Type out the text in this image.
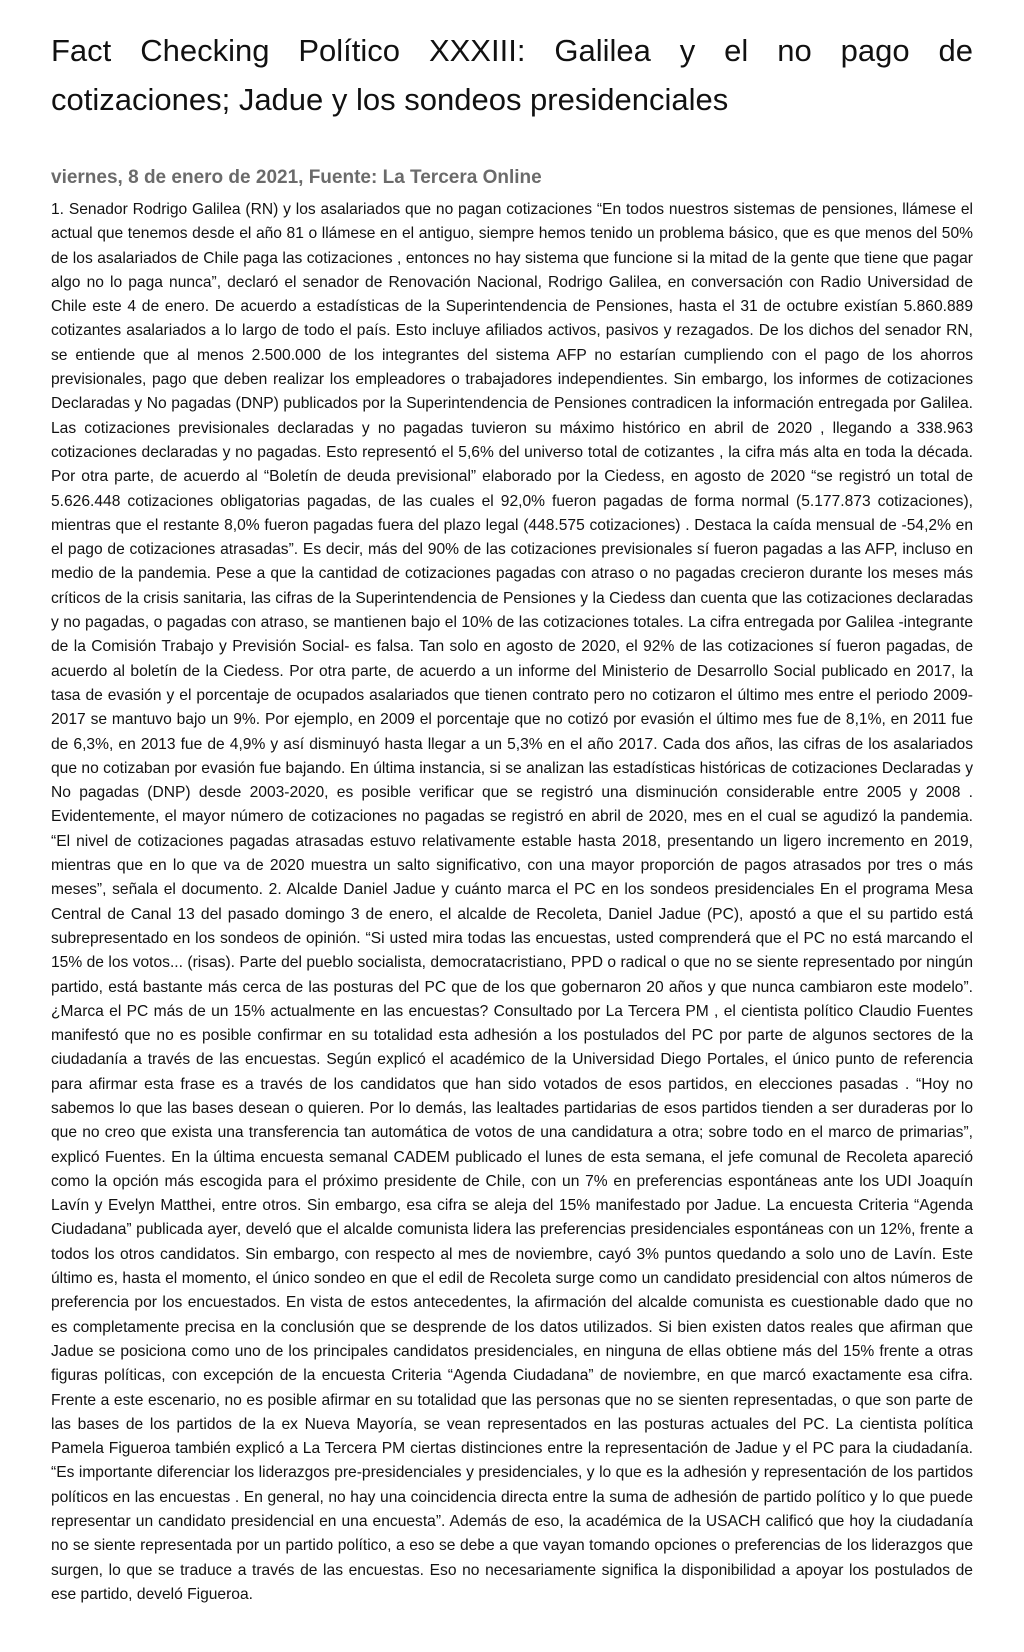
Fact Checking Político XXXIII: Galilea y el no pago de cotizaciones; Jadue y los sondeos presidenciales
viernes, 8 de enero de 2021, Fuente: La Tercera Online

1. Senador Rodrigo Galilea (RN) y los asalariados que no pagan cotizaciones “En todos nuestros sistemas de pensiones, llámese el actual que tenemos desde el año 81 o llámese en el antiguo, siempre hemos tenido un problema básico, que es que menos del 50% de los asalariados de Chile paga las cotizaciones , entonces no hay sistema que funcione si la mitad de la gente que tiene que pagar algo no lo paga nunca”, declaró el senador de Renovación Nacional, Rodrigo Galilea, en conversación con Radio Universidad de Chile este 4 de enero. De acuerdo a estadísticas de la Superintendencia de Pensiones, hasta el 31 de octubre existían 5.860.889 cotizantes asalariados a lo largo de todo el país. Esto incluye afiliados activos, pasivos y rezagados. De los dichos del senador RN, se entiende que al menos 2.500.000 de los integrantes del sistema AFP no estarían cumpliendo con el pago de los ahorros previsionales, pago que deben realizar los empleadores o trabajadores independientes. Sin embargo, los informes de cotizaciones Declaradas y No pagadas (DNP) publicados por la Superintendencia de Pensiones contradicen la información entregada por Galilea. Las cotizaciones previsionales declaradas y no pagadas tuvieron su máximo histórico en abril de 2020 , llegando a 338.963 cotizaciones declaradas y no pagadas. Esto representó el 5,6% del universo total de cotizantes , la cifra más alta en toda la década. Por otra parte, de acuerdo al “Boletín de deuda previsional” elaborado por la Ciedess, en agosto de 2020 “se registró un total de 5.626.448 cotizaciones obligatorias pagadas, de las cuales el 92,0% fueron pagadas de forma normal (5.177.873 cotizaciones), mientras que el restante 8,0% fueron pagadas fuera del plazo legal (448.575 cotizaciones) . Destaca la caída mensual de -54,2% en el pago de cotizaciones atrasadas”. Es decir, más del 90% de las cotizaciones previsionales sí fueron pagadas a las AFP, incluso en medio de la pandemia. Pese a que la cantidad de cotizaciones pagadas con atraso o no pagadas crecieron durante los meses más críticos de la crisis sanitaria, las cifras de la Superintendencia de Pensiones y la Ciedess dan cuenta que las cotizaciones declaradas y no pagadas, o pagadas con atraso, se mantienen bajo el 10% de las cotizaciones totales. La cifra entregada por Galilea -integrante de la Comisión Trabajo y Previsión Social- es falsa. Tan solo en agosto de 2020, el 92% de las cotizaciones sí fueron pagadas, de acuerdo al boletín de la Ciedess. Por otra parte, de acuerdo a un informe del Ministerio de Desarrollo Social publicado en 2017, la tasa de evasión y el porcentaje de ocupados asalariados que tienen contrato pero no cotizaron el último mes entre el periodo 2009-2017 se mantuvo bajo un 9%. Por ejemplo, en 2009 el porcentaje que no cotizó por evasión el último mes fue de 8,1%, en 2011 fue de 6,3%, en 2013 fue de 4,9% y así disminuyó hasta llegar a un 5,3% en el año 2017. Cada dos años, las cifras de los asalariados que no cotizaban por evasión fue bajando. En última instancia, si se analizan las estadísticas históricas de cotizaciones Declaradas y No pagadas (DNP) desde 2003-2020, es posible verificar que se registró una disminución considerable entre 2005 y 2008 . Evidentemente, el mayor número de cotizaciones no pagadas se registró en abril de 2020, mes en el cual se agudizó la pandemia. “El nivel de cotizaciones pagadas atrasadas estuvo relativamente estable hasta 2018, presentando un ligero incremento en 2019, mientras que en lo que va de 2020 muestra un salto significativo, con una mayor proporción de pagos atrasados por tres o más meses”, señala el documento. 2. Alcalde Daniel Jadue y cuánto marca el PC en los sondeos presidenciales En el programa Mesa Central de Canal 13 del pasado domingo 3 de enero, el alcalde de Recoleta, Daniel Jadue (PC), apostó a que el su partido está subrepresentado en los sondeos de opinión. “Si usted mira todas las encuestas, usted comprenderá que el PC no está marcando el 15% de los votos... (risas). Parte del pueblo socialista, democratacristiano, PPD o radical o que no se siente representado por ningún partido, está bastante más cerca de las posturas del PC que de los que gobernaron 20 años y que nunca cambiaron este modelo”. ¿Marca el PC más de un 15% actualmente en las encuestas? Consultado por La Tercera PM , el cientista político Claudio Fuentes manifestó que no es posible confirmar en su totalidad esta adhesión a los postulados del PC por parte de algunos sectores de la ciudadanía a través de las encuestas. Según explicó el académico de la Universidad Diego Portales, el único punto de referencia para afirmar esta frase es a través de los candidatos que han sido votados de esos partidos, en elecciones pasadas . “Hoy no sabemos lo que las bases desean o quieren. Por lo demás, las lealtades partidarias de esos partidos tienden a ser duraderas por lo que no creo que exista una transferencia tan automática de votos de una candidatura a otra; sobre todo en el marco de primarias”, explicó Fuentes. En la última encuesta semanal CADEM publicado el lunes de esta semana, el jefe comunal de Recoleta apareció como la opción más escogida para el próximo presidente de Chile, con un 7% en preferencias espontáneas ante los UDI Joaquín Lavín y Evelyn Matthei, entre otros. Sin embargo, esa cifra se aleja del 15% manifestado por Jadue. La encuesta Criteria “Agenda Ciudadana” publicada ayer, develó que el alcalde comunista lidera las preferencias presidenciales espontáneas con un 12%, frente a todos los otros candidatos. Sin embargo, con respecto al mes de noviembre, cayó 3% puntos quedando a solo uno de Lavín. Este último es, hasta el momento, el único sondeo en que el edil de Recoleta surge como un candidato presidencial con altos números de preferencia por los encuestados. En vista de estos antecedentes, la afirmación del alcalde comunista es cuestionable dado que no es completamente precisa en la conclusión que se desprende de los datos utilizados. Si bien existen datos reales que afirman que Jadue se posiciona como uno de los principales candidatos presidenciales, en ninguna de ellas obtiene más del 15% frente a otras figuras políticas, con excepción de la encuesta Criteria “Agenda Ciudadana” de noviembre, en que marcó exactamente esa cifra. Frente a este escenario, no es posible afirmar en su totalidad que las personas que no se sienten representadas, o que son parte de las bases de los partidos de la ex Nueva Mayoría, se vean representados en las posturas actuales del PC. La cientista política Pamela Figueroa también explicó a La Tercera PM ciertas distinciones entre la representación de Jadue y el PC para la ciudadanía. “Es importante diferenciar los liderazgos pre-presidenciales y presidenciales, y lo que es la adhesión y representación de los partidos políticos en las encuestas . En general, no hay una coincidencia directa entre la suma de adhesión de partido político y lo que puede representar un candidato presidencial en una encuesta”. Además de eso, la académica de la USACH calificó que hoy la ciudadanía no se siente representada por un partido político, a eso se debe a que vayan tomando opciones o preferencias de los liderazgos que surgen, lo que se traduce a través de las encuestas. Eso no necesariamente significa la disponibilidad a apoyar los postulados de ese partido, develó Figueroa.
